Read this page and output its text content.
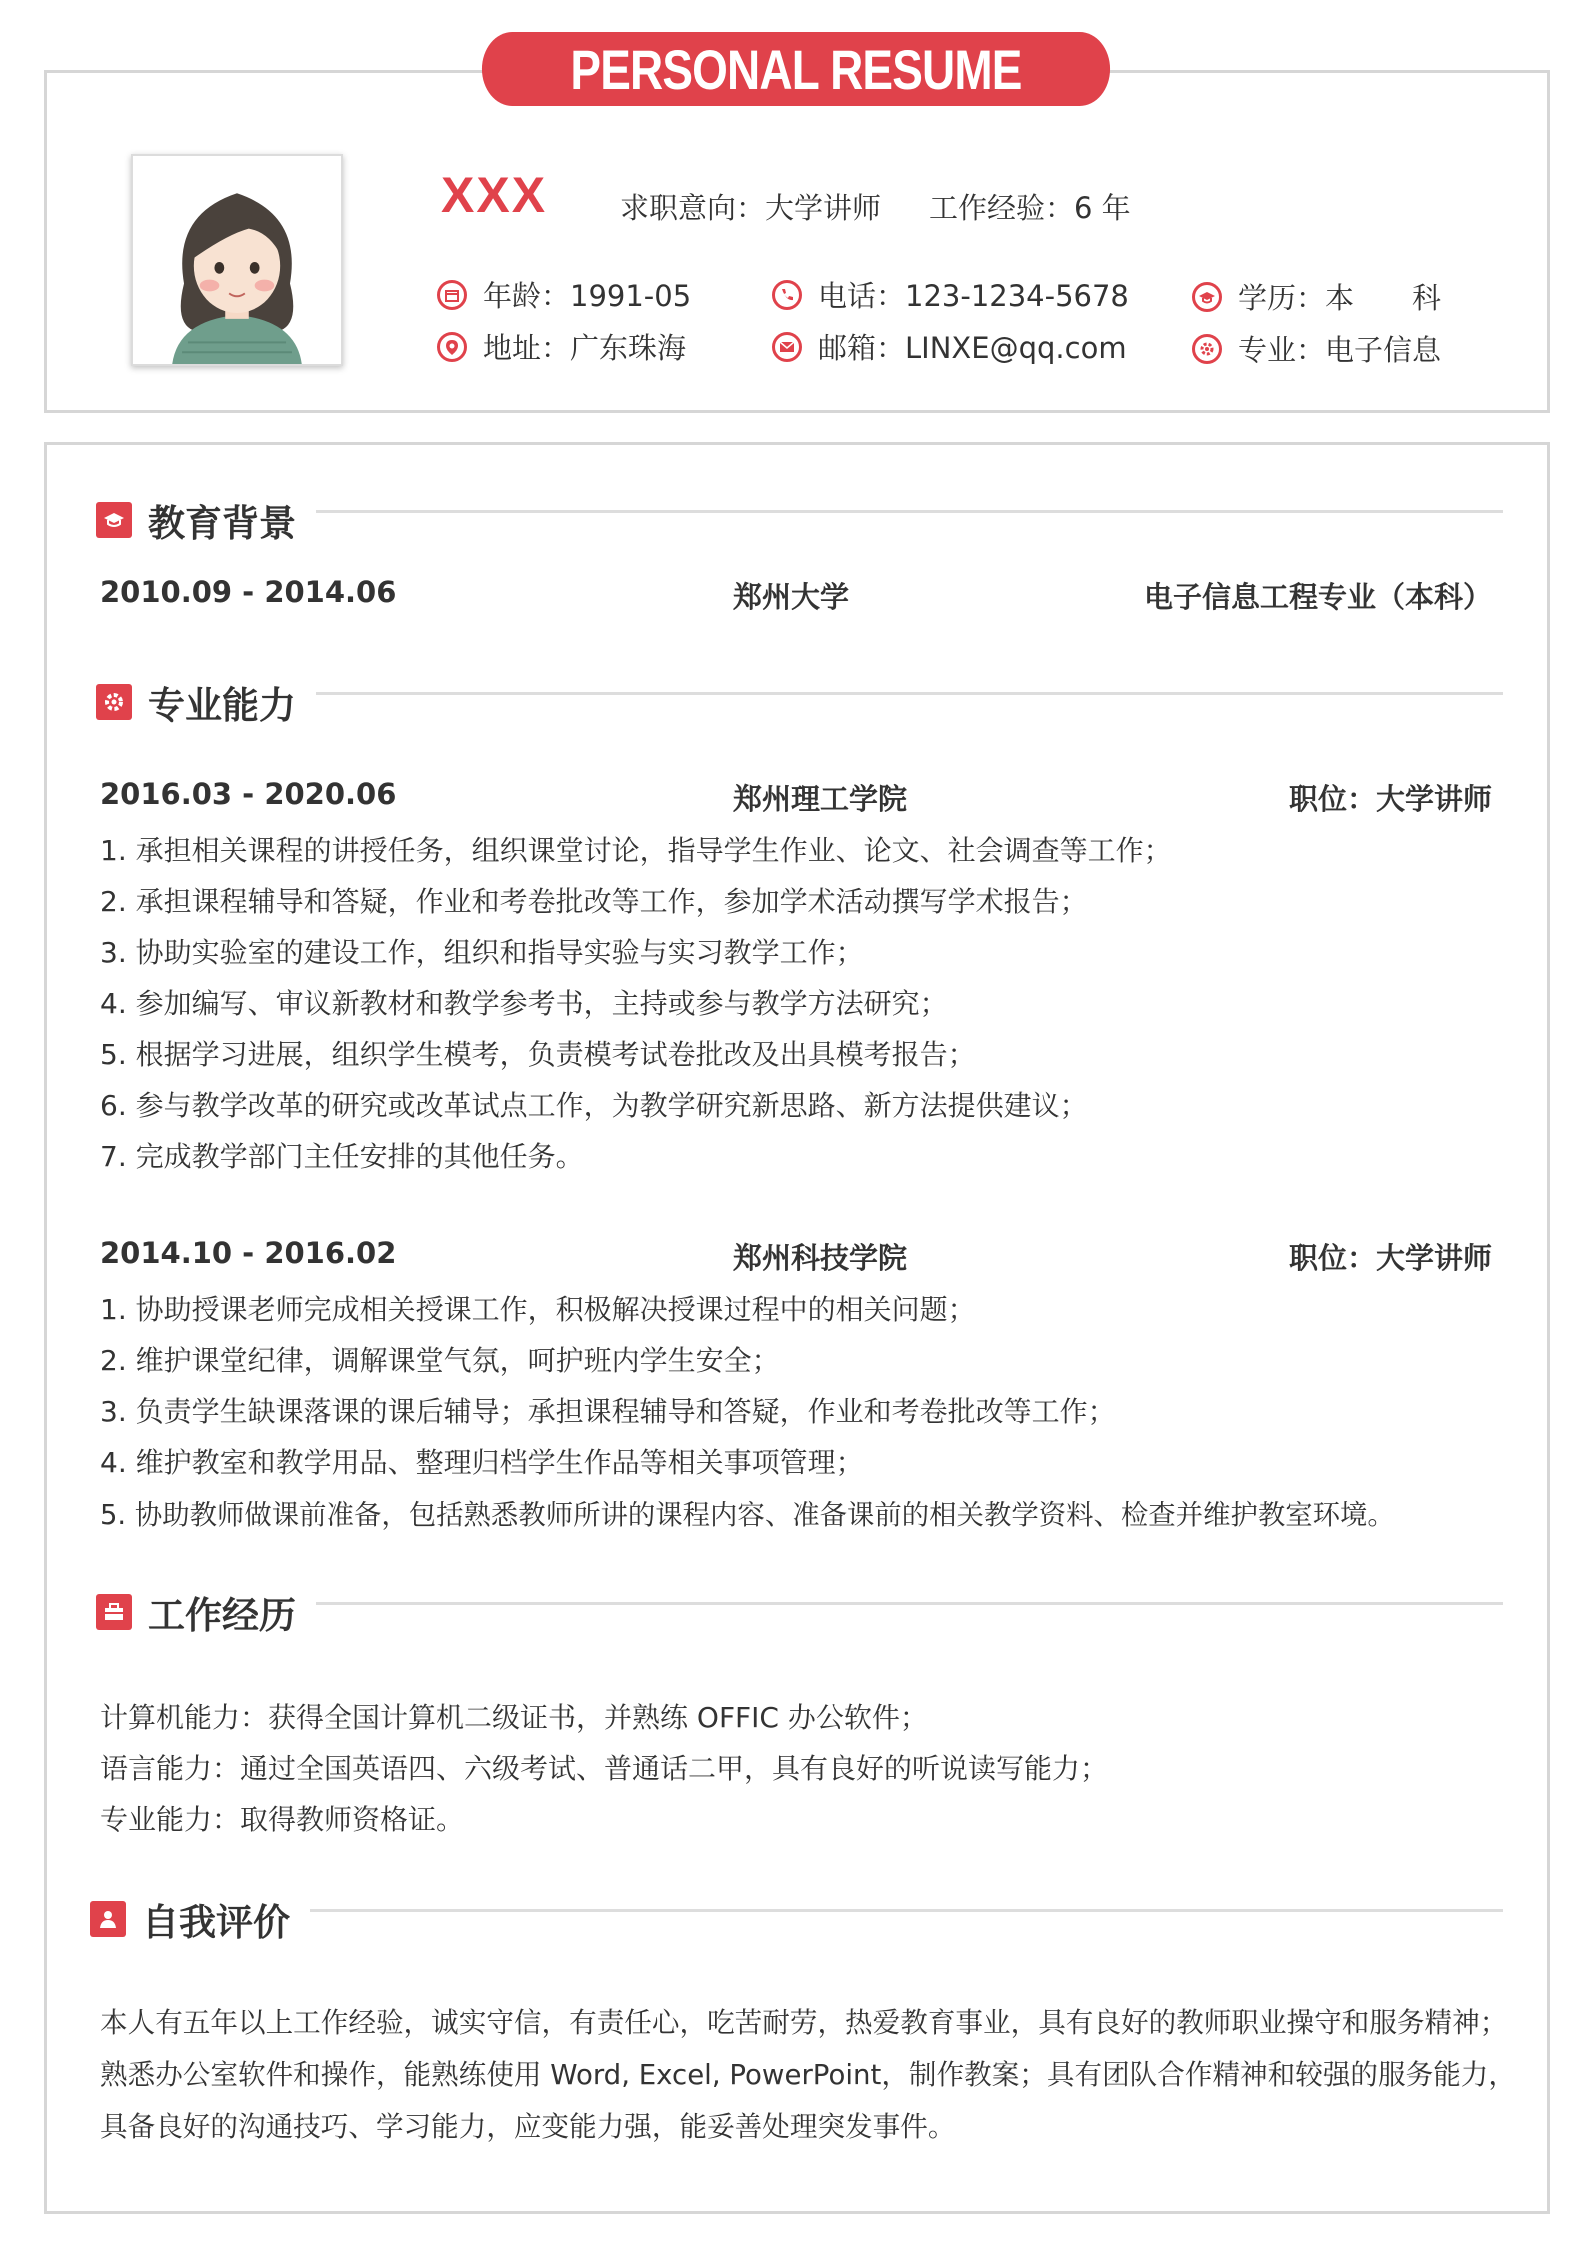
PERSONAL RESUME
XXX	求职意向：大学讲师 工作经验：6 年
年龄：1991-05	电话：123-1234-5678	学历：本　　科
地址：广东珠海	邮箱：LINXE@qq.com	专业：电子信息
教育背景
2010.09 - 2014.06	郑州大学	电子信息工程专业（本科）
专业能力
2016.03 - 2020.06	郑州理工学院	职位：大学讲师
1. 承担相关课程的讲授任务，组织课堂讨论，指导学生作业、论文、社会调查等工作；
2. 承担课程辅导和答疑，作业和考卷批改等工作，参加学术活动撰写学术报告；
3. 协助实验室的建设工作，组织和指导实验与实习教学工作；
4. 参加编写、审议新教材和教学参考书，主持或参与教学方法研究；
5. 根据学习进展，组织学生模考，负责模考试卷批改及出具模考报告；
6. 参与教学改革的研究或改革试点工作，为教学研究新思路、新方法提供建议；
7. 完成教学部门主任安排的其他任务。
2014.10 - 2016.02	郑州科技学院	职位：大学讲师
1. 协助授课老师完成相关授课工作，积极解决授课过程中的相关问题；
2. 维护课堂纪律，调解课堂气氛，呵护班内学生安全；
3. 负责学生缺课落课的课后辅导；承担课程辅导和答疑，作业和考卷批改等工作；
4. 维护教室和教学用品、整理归档学生作品等相关事项管理；
5. 协助教师做课前准备，包括熟悉教师所讲的课程内容、准备课前的相关教学资料、检查并维护教室环境。
工作经历
计算机能力：获得全国计算机二级证书，并熟练 OFFIC 办公软件；
语言能力：通过全国英语四、六级考试、普通话二甲，具有良好的听说读写能力；
专业能力：取得教师资格证。
自我评价
本人有五年以上工作经验，诚实守信，有责任心，吃苦耐劳，热爱教育事业，具有良好的教师职业操守和服务精神；
熟悉办公室软件和操作，能熟练使用 Word, Excel, PowerPoint，制作教案；具有团队合作精神和较强的服务能力，
具备良好的沟通技巧、学习能力，应变能力强，能妥善处理突发事件。
